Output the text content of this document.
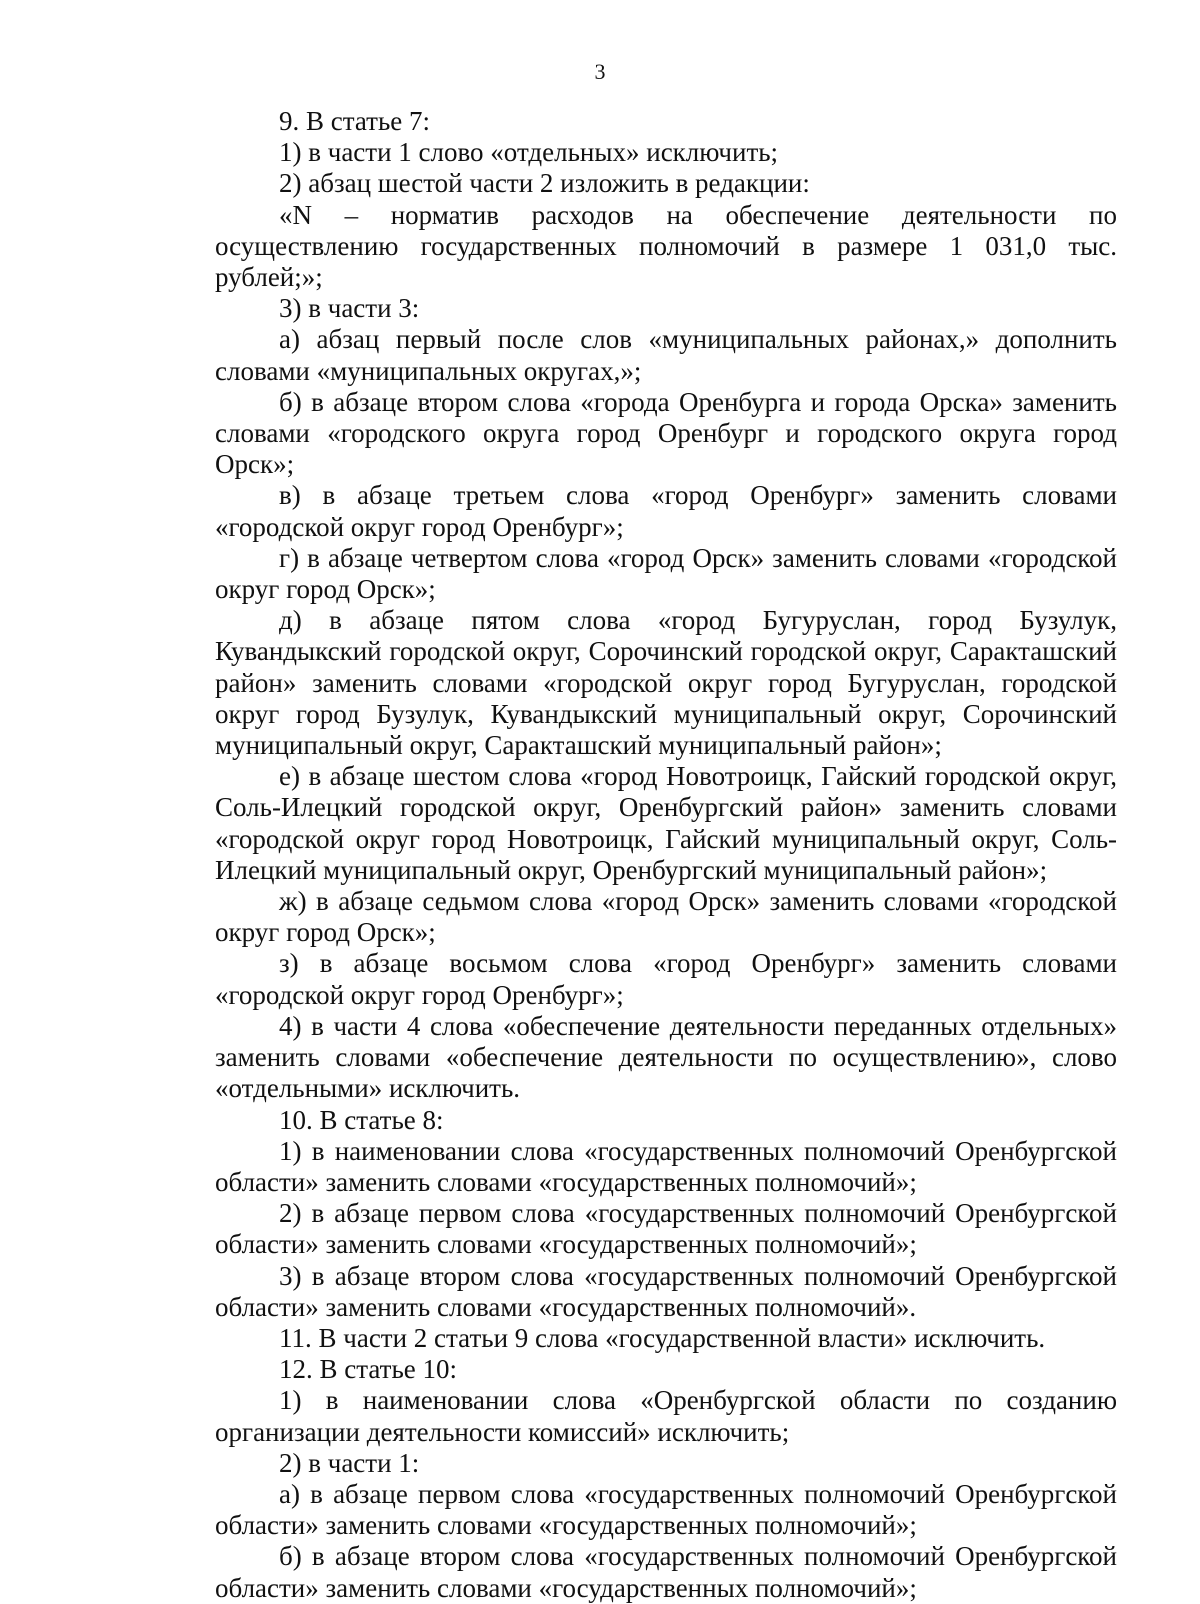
3

9. В статье 7:

1) в части 1 слово «отдельных» исключить;

2) абзац шестой части 2 изложить в редакции:

«N – норматив расходов на обеспечение деятельности по осуществлению государственных полномочий в размере 1 031,0 тыс. рублей;»;

3) в части 3:

а) абзац первый после слов «муниципальных районах,» дополнить словами «муниципальных округах,»;

б) в абзаце втором слова «города Оренбурга и города Орска» заменить словами «городского округа город Оренбург и городского округа город Орск»;

в) в абзаце третьем слова «город Оренбург» заменить словами «городской округ город Оренбург»;

г) в абзаце четвертом слова «город Орск» заменить словами «городской округ город Орск»;

д) в абзаце пятом слова «город Бугуруслан, город Бузулук, Кувандыкский городской округ, Сорочинский городской округ, Саракташский район» заменить словами «городской округ город Бугуруслан, городской округ город Бузулук, Кувандыкский муниципальный округ, Сорочинский муниципальный округ, Саракташский муниципальный район»;

е) в абзаце шестом слова «город Новотроицк, Гайский городской округ, Соль-Илецкий городской округ, Оренбургский район» заменить словами «городской округ город Новотроицк, Гайский муниципальный округ, Соль-Илецкий муниципальный округ, Оренбургский муниципальный район»;

ж) в абзаце седьмом слова «город Орск» заменить словами «городской округ город Орск»;

з) в абзаце восьмом слова «город Оренбург» заменить словами «городской округ город Оренбург»;

4) в части 4 слова «обеспечение деятельности переданных отдельных» заменить словами «обеспечение деятельности по осуществлению», слово «отдельными» исключить.

10. В статье 8:

1) в наименовании слова «государственных полномочий Оренбургской области» заменить словами «государственных полномочий»;

2) в абзаце первом слова «государственных полномочий Оренбургской области» заменить словами «государственных полномочий»;

3) в абзаце втором слова «государственных полномочий Оренбургской области» заменить словами «государственных полномочий».

11. В части 2 статьи 9 слова «государственной власти» исключить.

12. В статье 10:

1) в наименовании слова «Оренбургской области по созданию организации деятельности комиссий» исключить;

2) в части 1:

а) в абзаце первом слова «государственных полномочий Оренбургской области» заменить словами «государственных полномочий»;

б) в абзаце втором слова «государственных полномочий Оренбургской области» заменить словами «государственных полномочий»;
